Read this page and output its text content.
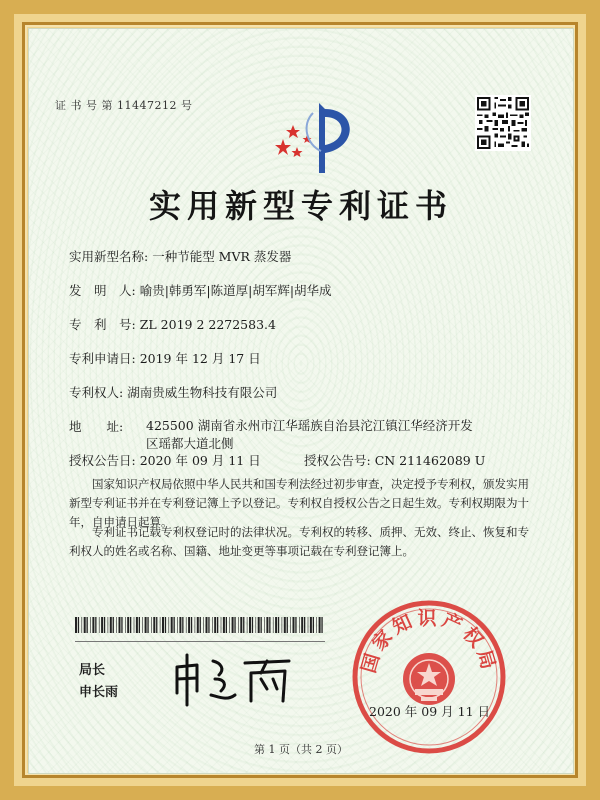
证 书 号 第 11447212 号
实用新型专利证书
实用新型名称: 一种节能型 MVR 蒸发器
发　明　人: 喻贵|韩勇军|陈道厚|胡军辉|胡华成
专　利　号: ZL 2019 2 2272583.4
专利申请日: 2019 年 12 月 17 日
专利权人: 湖南贵威生物科技有限公司
地　　址: 425500 湖南省永州市江华瑶族自治县沱江镇江华经济开发区瑶都大道北侧
授权公告日: 2020 年 09 月 11 日	授权公告号: CN 211462089 U
国家知识产权局依照中华人民共和国专利法经过初步审查，决定授予专利权，颁发实用新型专利证书并在专利登记簿上予以登记。专利权自授权公告之日起生效。专利权期限为十年，自申请日起算。
专利证书记载专利权登记时的法律状况。专利权的转移、质押、无效、终止、恢复和专利权人的姓名或名称、国籍、地址变更等事项记载在专利登记簿上。
局长
申长雨
国家知识产权局
2020 年 09 月 11 日
第 1 页（共 2 页）
